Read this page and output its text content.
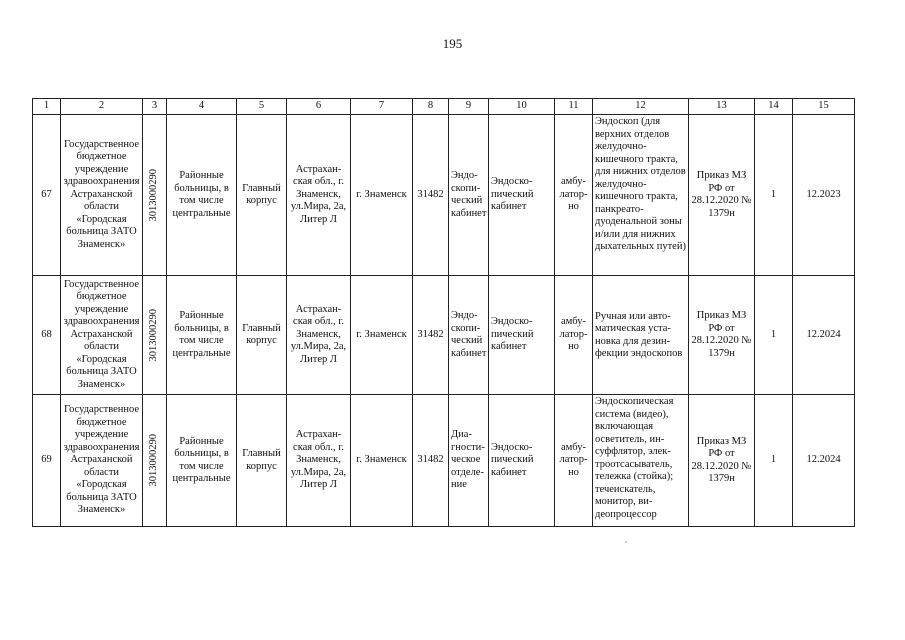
195
1	2	3	4	5	6	7	8	9	10	11	12	13	14	15
67	Государственное бюджетное учреждение здравоохранения Астраханской области «Городская больница ЗАТО Знаменск»	3013000290	Районные больницы, в том числе центральные	Главный корпус	Астраханская обл., г. Знаменск, ул.Мира, 2а, Литер Л	г. Знаменск	31482	Эндоскопический кабинет	Эндоскопический кабинет	амбулаторно	Эндоскоп (для верхних отделов желудочно-кишечного тракта, для нижних отделов желудочно-кишечного тракта, панкреатодуоденальной зоны и/или для нижних дыхательных путей)	Приказ МЗ РФ от 28.12.2020 № 1379н	1	12.2023
68	Государственное бюджетное учреждение здравоохранения Астраханской области «Городская больница ЗАТО Знаменск»	3013000290	Районные больницы, в том числе центральные	Главный корпус	Астраханская обл., г. Знаменск, ул.Мира, 2а, Литер Л	г. Знаменск	31482	Эндоскопический кабинет	Эндоскопический кабинет	амбулаторно	Ручная или автоматическая установка для дезинфекции эндоскопов	Приказ МЗ РФ от 28.12.2020 № 1379н	1	12.2024
69	Государственное бюджетное учреждение здравоохранения Астраханской области «Городская больница ЗАТО Знаменск»	3013000290	Районные больницы, в том числе центральные	Главный корпус	Астраханская обл., г. Знаменск, ул.Мира, 2а, Литер Л	г. Знаменск	31482	Диагностическое отделение	Эндоскопический кабинет	амбулаторно	Эндоскопическая система (видео), включающая осветитель, инсуффлятор, электроотсасыватель, тележка (стойка); течеискатель, монитор, видеопроцессор	Приказ МЗ РФ от 28.12.2020 № 1379н	1	12.2024
